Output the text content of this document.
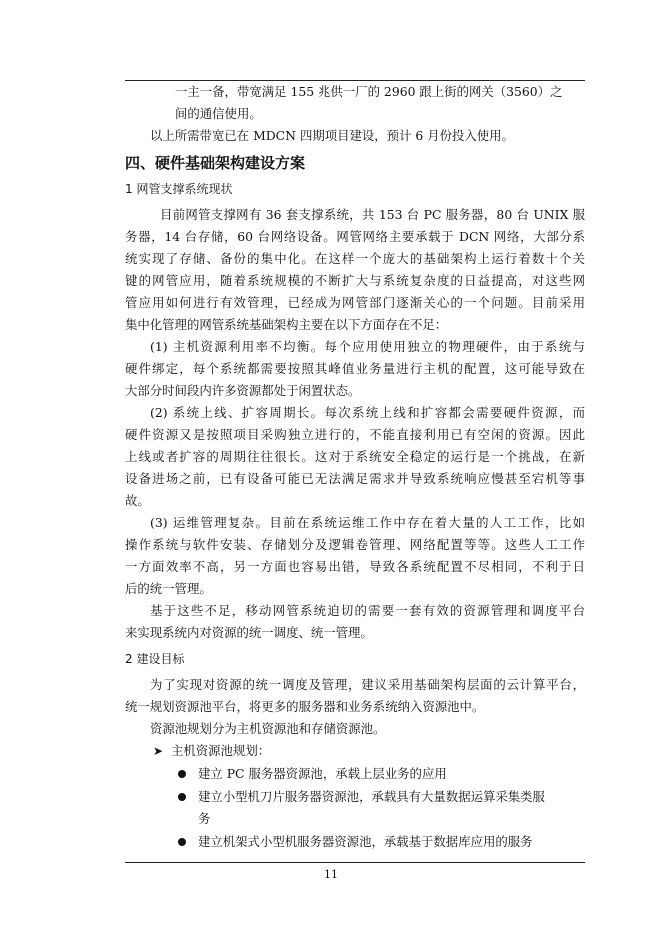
一主一备，带宽满足 155 兆供一厂的 2960 跟上街的网关（3560）之
间的通信使用。
以上所需带宽已在 MDCN 四期项目建设，预计 6 月份投入使用。
四、硬件基础架构建设方案
1 网管支撑系统现状
目前网管支撑网有 36 套支撑系统，共 153 台 PC 服务器，80 台 UNIX 服
务器，14 台存储，60 台网络设备。网管网络主要承载于 DCN 网络，大部分系
统实现了存储、备份的集中化。在这样一个庞大的基础架构上运行着数十个关
键的网管应用，随着系统规模的不断扩大与系统复杂度的日益提高，对这些网
管应用如何进行有效管理，已经成为网管部门逐渐关心的一个问题。目前采用
集中化管理的网管系统基础架构主要在以下方面存在不足：
(1) 主机资源利用率不均衡。每个应用使用独立的物理硬件，由于系统与
硬件绑定，每个系统都需要按照其峰值业务量进行主机的配置，这可能导致在
大部分时间段内许多资源都处于闲置状态。
(2) 系统上线、扩容周期长。每次系统上线和扩容都会需要硬件资源，而
硬件资源又是按照项目采购独立进行的，不能直接利用已有空闲的资源。因此
上线或者扩容的周期往往很长。这对于系统安全稳定的运行是一个挑战，在新
设备进场之前，已有设备可能已无法满足需求并导致系统响应慢甚至宕机等事
故。
(3) 运维管理复杂。目前在系统运维工作中存在着大量的人工工作，比如
操作系统与软件安装、存储划分及逻辑卷管理、网络配置等等。这些人工工作
一方面效率不高，另一方面也容易出错，导致各系统配置不尽相同，不利于日
后的统一管理。
基于这些不足，移动网管系统迫切的需要一套有效的资源管理和调度平台
来实现系统内对资源的统一调度、统一管理。
2 建设目标
为了实现对资源的统一调度及管理，建议采用基础架构层面的云计算平台，
统一规划资源池平台，将更多的服务器和业务系统纳入资源池中。
资源池规划分为主机资源池和存储资源池。
➤ 主机资源池规划：
建立 PC 服务器资源池，承载上层业务的应用
建立小型机刀片服务器资源池，承载具有大量数据运算采集类服
务
建立机架式小型机服务器资源池，承载基于数据库应用的服务
11
